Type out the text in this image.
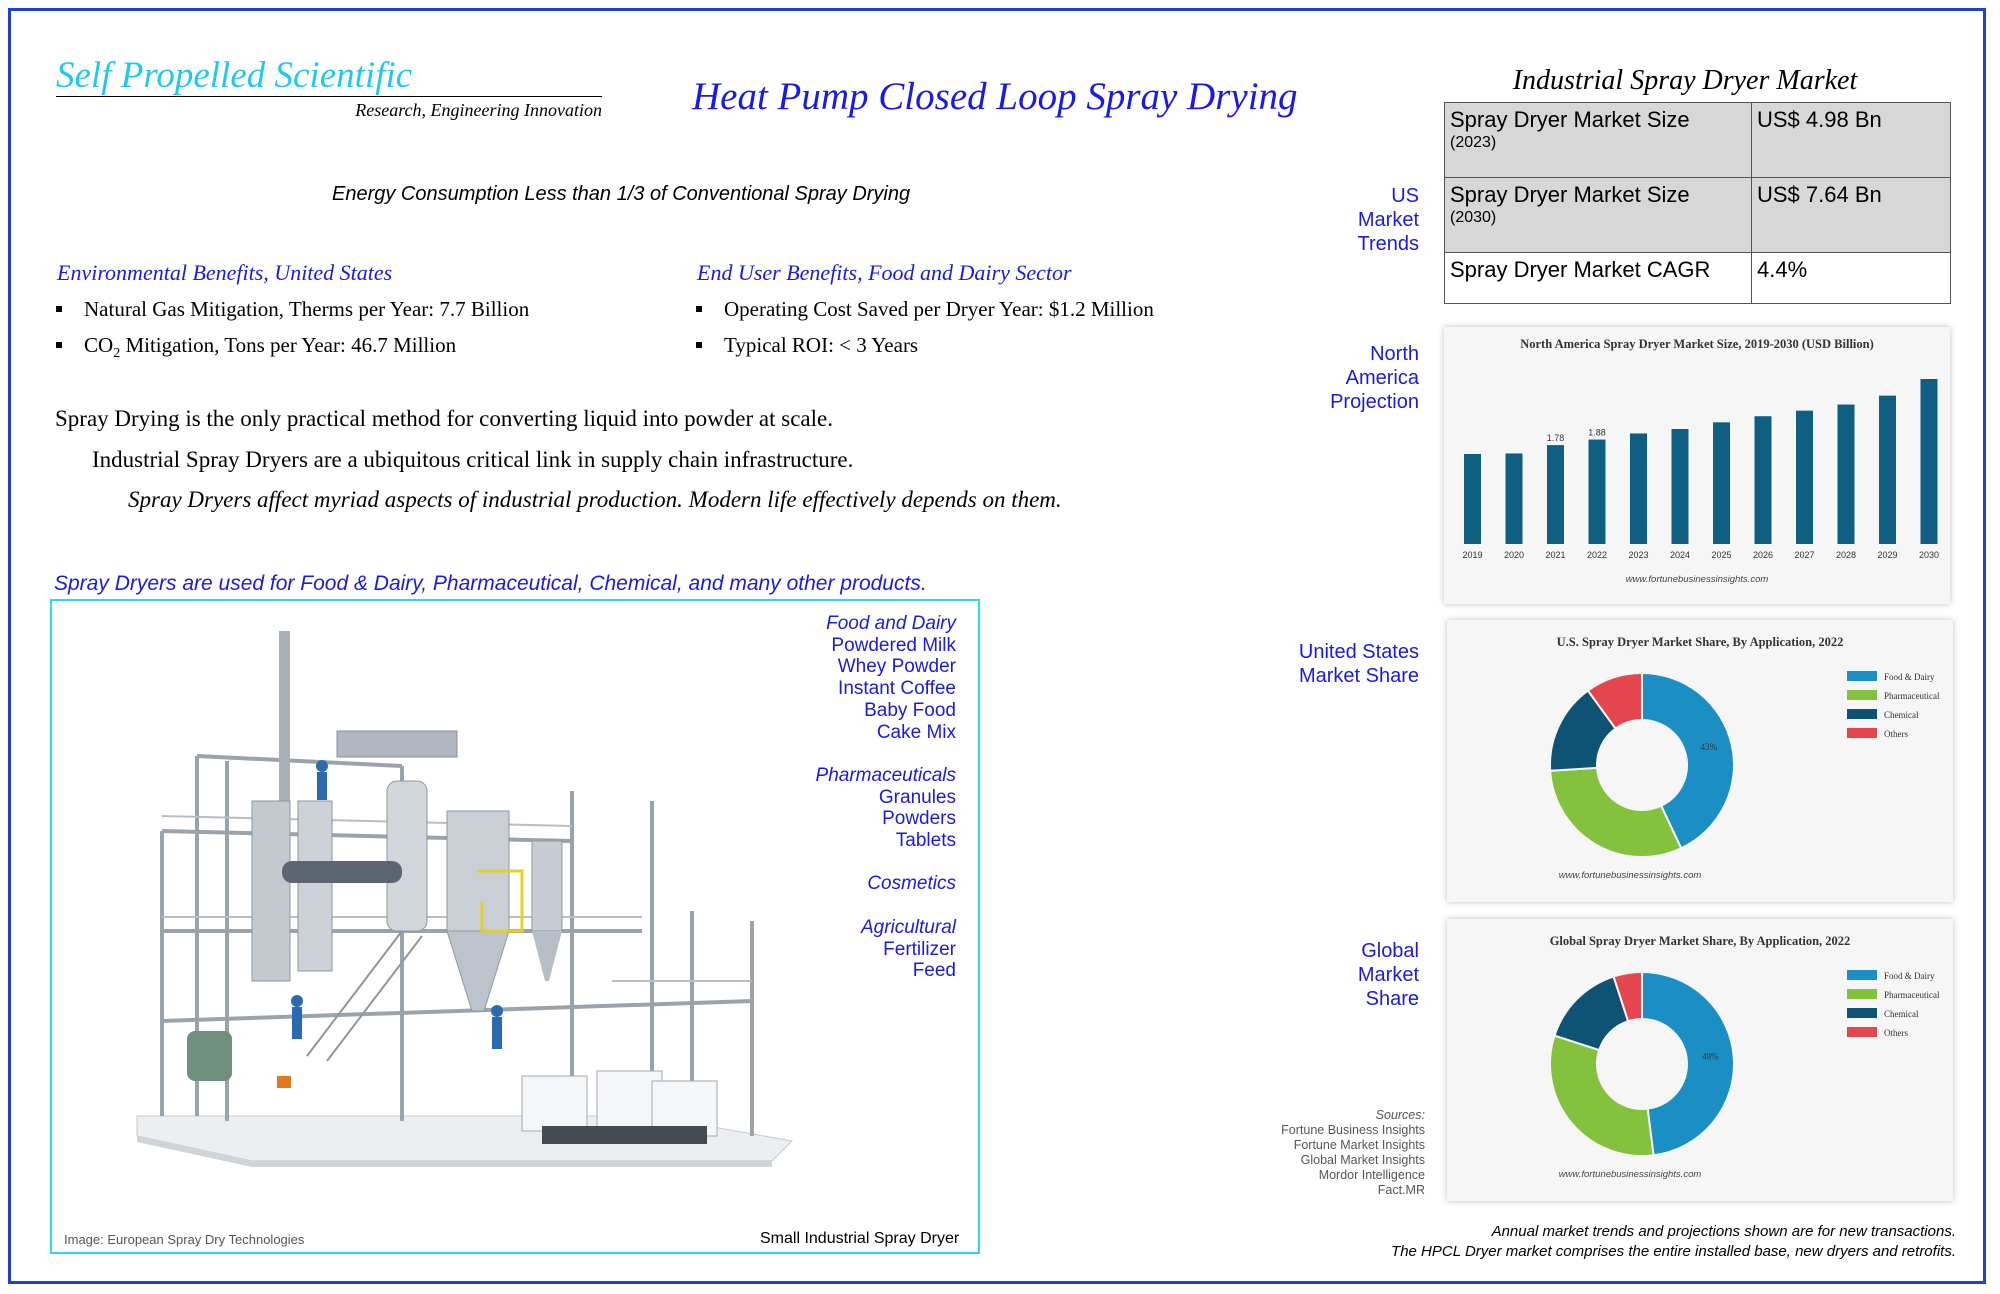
Self Propelled Scientific
Research, Engineering Innovation Heat Pump Closed Loop Spray Drying
Energy Consumption Less than 1/3 of Conventional Spray Drying
Environmental Benefits, United States
Natural Gas Mitigation, Therms per Year: 7.7 Billion
$CO_2$ Mitigation, Tons per Year: 46.7 Million
End User Benefits, Food and Dairy Sector
Operating Cost Saved per Dryer Year: $1.2 Million
Typical ROI: < 3 Years
Spray Drying is the only practical method for converting liquid into powder at scale.
Industrial Spray Dryers are a ubiquitous critical link in supply chain infrastructure.
Spray Dryers affect myriad aspects of industrial production. Modern life effectively depends on them.
Spray Dryers are used for Food & Dairy, Pharmaceutical, Chemical, and many other products.
Food and Dairy
Powdered Milk
Whey Powder
Instant Coffee
Baby Food
Cake Mix
Pharmaceuticals
Granules
Powders
Tablets
Cosmetics
Agricultural
Fertilizer
Feed
Image: European Spray Dry Technologies	Small Industrial Spray Dryer
Industrial Spray Dryer Market
Spray Dryer Market Size
(2023)	US$ 4.98 Bn
Spray Dryer Market Size
(2030)	US$ 7.64 Bn
Spray Dryer Market CAGR	4.4%
US
Market
Trends
North
America
Projection
United States
Market Share
Global
Market
Share
North America Spray Dryer Market Size, 2019-2030 (USD Billion)
2019 2020 2021
1.78
2022
1.88
2023 2024 2025 2026 2027 2028 2029 2030
www.fortunebusinessinsights.com
U.S. Spray Dryer Market Share, By Application, 2022
43%
Food & Dairy
Pharmaceutical
Chemical
Others
www.fortunebusinessinsights.com
Global Spray Dryer Market Share, By Application, 2022
48%
Food & Dairy
Pharmaceutical
Chemical
Others
www.fortunebusinessinsights.com
Sources:
Fortune Business Insights
Fortune Market Insights
Global Market Insights
Mordor Intelligence
Fact.MR
Annual market trends and projections shown are for new transactions.
The HPCL Dryer market comprises the entire installed base, new dryers and retrofits.
